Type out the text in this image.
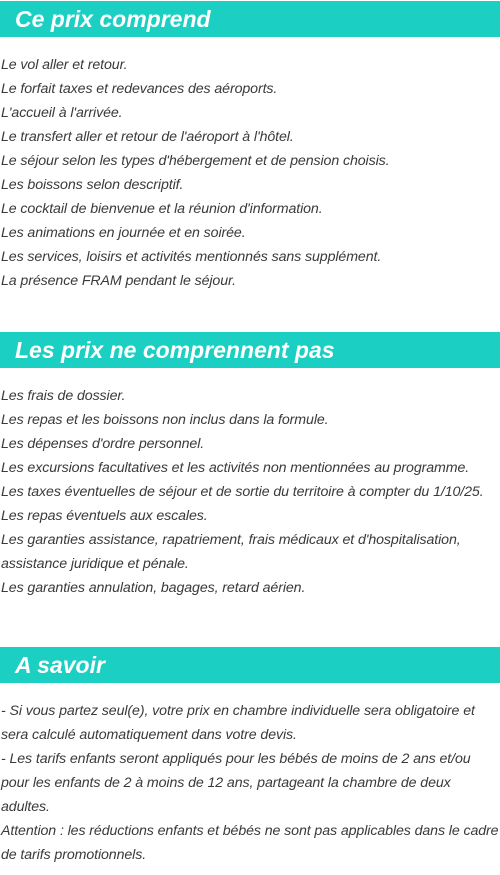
Ce prix comprend
Le vol aller et retour.
Le forfait taxes et redevances des aéroports.
L'accueil à l'arrivée.
Le transfert aller et retour de l'aéroport à l'hôtel.
Le séjour selon les types d'hébergement et de pension choisis.
Les boissons selon descriptif.
Le cocktail de bienvenue et la réunion d'information.
Les animations en journée et en soirée.
Les services, loisirs et activités mentionnés sans supplément.
La présence FRAM pendant le séjour.
Les prix ne comprennent pas
Les frais de dossier.
Les repas et les boissons non inclus dans la formule.
Les dépenses d'ordre personnel.
Les excursions facultatives et les activités non mentionnées au programme.
Les taxes éventuelles de séjour et de sortie du territoire à compter du 1/10/25.
Les repas éventuels aux escales.
Les garanties assistance, rapatriement, frais médicaux et d'hospitalisation, assistance juridique et pénale.
Les garanties annulation, bagages, retard aérien.
A savoir
- Si vous partez seul(e), votre prix en chambre individuelle sera obligatoire et sera calculé automatiquement dans votre devis.
- Les tarifs enfants seront appliqués pour les bébés de moins de 2 ans et/ou pour les enfants de 2 à moins de 12 ans, partageant la chambre de deux adultes.
Attention : les réductions enfants et bébés ne sont pas applicables dans le cadre de tarifs promotionnels.
